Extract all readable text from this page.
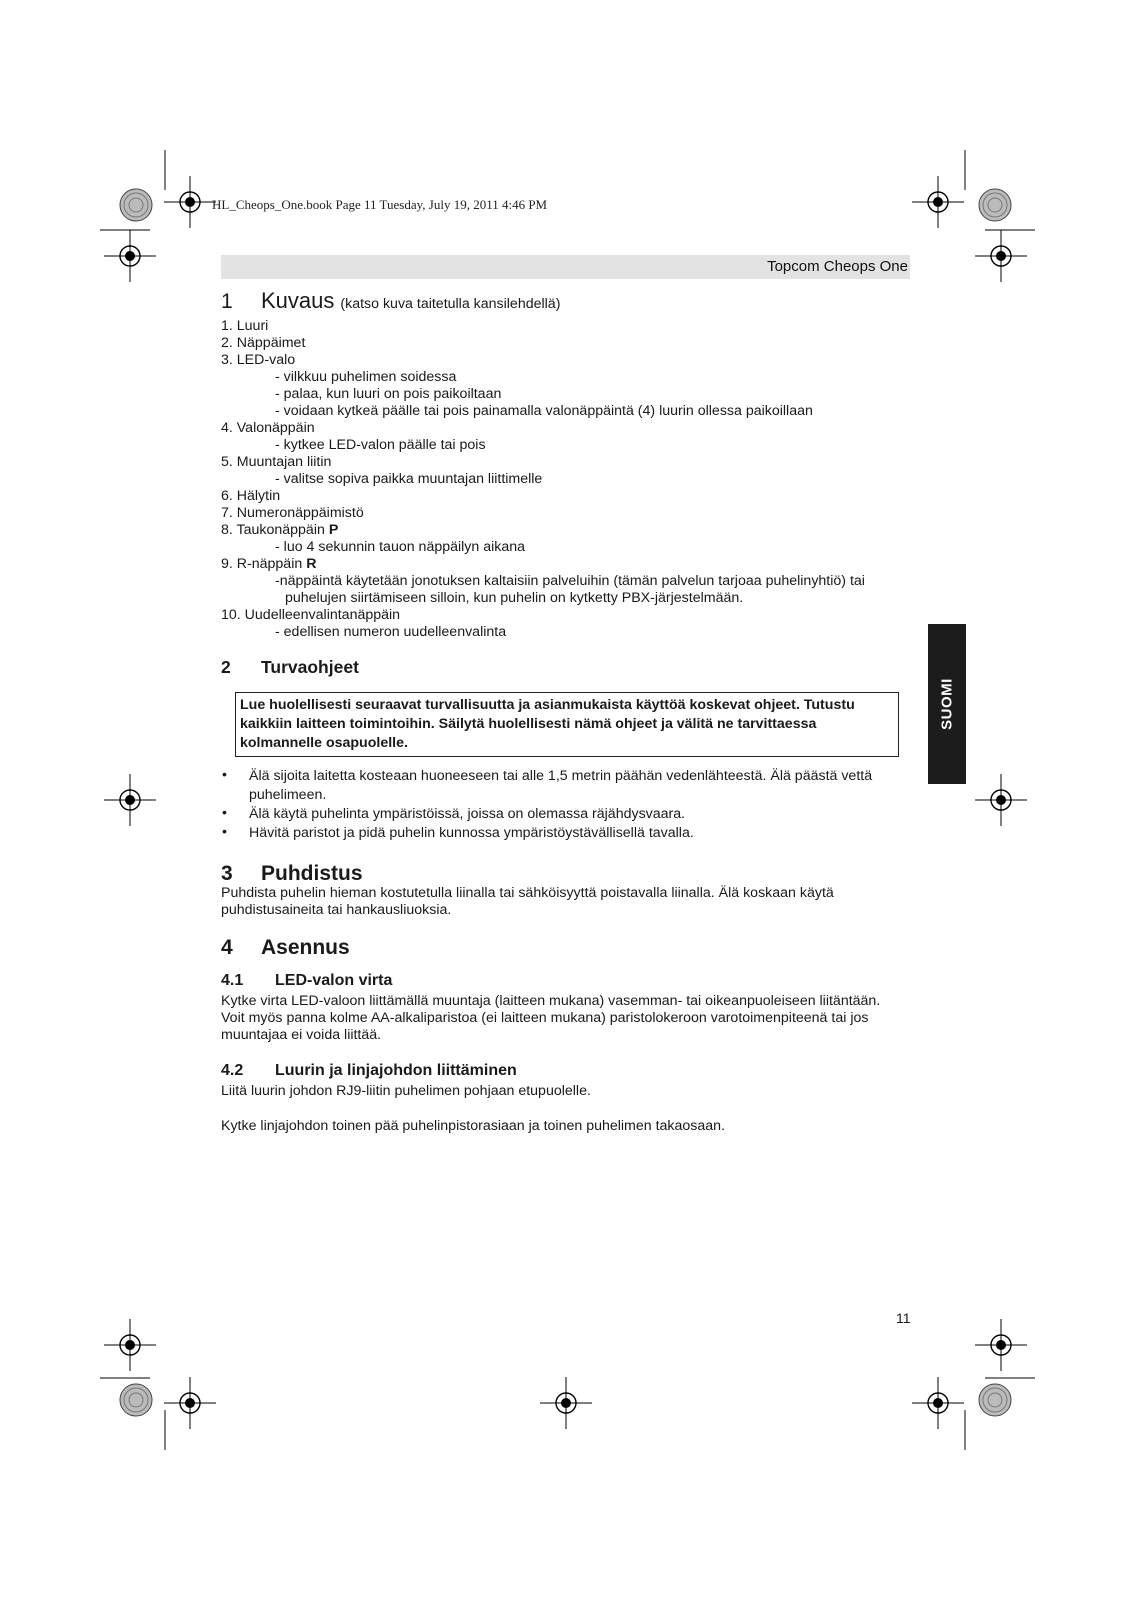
HL_Cheops_One.book Page 11 Tuesday, July 19, 2011 4:46 PM
Topcom Cheops One
SUOMI
1	Kuvaus (katso kuva taitetulla kansilehdellä)
1. Luuri
2. Näppäimet
3. LED-valo
- vilkkuu puhelimen soidessa
- palaa, kun luuri on pois paikoiltaan
- voidaan kytkeä päälle tai pois painamalla valonäppäintä (4) luurin ollessa paikoillaan
4. Valonäppäin
- kytkee LED-valon päälle tai pois
5. Muuntajan liitin
- valitse sopiva paikka muuntajan liittimelle
6. Hälytin
7. Numeronäppäimistö
8. Taukonäppäin P
- luo 4 sekunnin tauon näppäilyn aikana
9. R-näppäin R
-näppäintä käytetään jonotuksen kaltaisiin palveluihin (tämän palvelun tarjoaa puhelinyhtiö) tai
puhelujen siirtämiseen silloin, kun puhelin on kytketty PBX-järjestelmään.
10. Uudelleenvalintanäppäin
- edellisen numeron uudelleenvalinta
2	Turvaohjeet
Lue huolellisesti seuraavat turvallisuutta ja asianmukaista käyttöä koskevat ohjeet. Tutustu kaikkiin laitteen toimintoihin. Säilytä huolellisesti nämä ohjeet ja välitä ne tarvittaessa kolmannelle osapuolelle.
•	Älä sijoita laitetta kosteaan huoneeseen tai alle 1,5 metrin päähän vedenlähteestä. Älä päästä vettä puhelimeen.
•	Älä käytä puhelinta ympäristöissä, joissa on olemassa räjähdysvaara.
•	Hävitä paristot ja pidä puhelin kunnossa ympäristöystävällisellä tavalla.
3	Puhdistus
Puhdista puhelin hieman kostutetulla liinalla tai sähköisyyttä poistavalla liinalla. Älä koskaan käytä puhdistusaineita tai hankausliuoksia.
4	Asennus
4.1	LED-valon virta
Kytke virta LED-valoon liittämällä muuntaja (laitteen mukana) vasemman- tai oikeanpuoleiseen liitäntään.
Voit myös panna kolme AA-alkaliparistoa (ei laitteen mukana) paristolokeroon varotoimenpiteenä tai jos muuntajaa ei voida liittää.
4.2	Luurin ja linjajohdon liittäminen
Liitä luurin johdon RJ9-liitin puhelimen pohjaan etupuolelle.
Kytke linjajohdon toinen pää puhelinpistorasiaan ja toinen puhelimen takaosaan.
11
